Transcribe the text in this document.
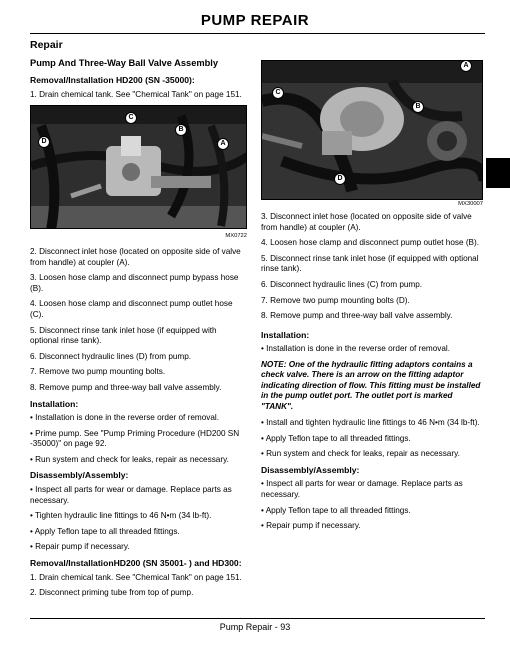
PUMP REPAIR
Repair
Pump And Three-Way Ball Valve Assembly
Removal/Installation HD200 (SN -35000):
1. Drain chemical tank. See "Chemical Tank" on page 151.
C
B
D	A
MX0722
2. Disconnect inlet hose (located on opposite side of valve from handle) at coupler (A).
3. Loosen hose clamp and disconnect pump bypass hose (B).
4. Loosen hose clamp and disconnect pump outlet hose (C).
5. Disconnect rinse tank inlet hose (if equipped with optional rinse tank).
6. Disconnect hydraulic lines (D) from pump.
7. Remove two pump mounting bolts.
8. Remove pump and three-way ball valve assembly.
Installation:
• Installation is done in the reverse order of removal.
• Prime pump. See "Pump Priming Procedure (HD200 SN -35000)" on page 92.
• Run system and check for leaks, repair as necessary.
Disassembly/Assembly:
• Inspect all parts for wear or damage. Replace parts as necessary.
• Tighten hydraulic line fittings to 46 N•m (34 lb-ft).
• Apply Teflon tape to all threaded fittings.
• Repair pump if necessary.
Removal/InstallationHD200 (SN 35001- ) and HD300:
1. Drain chemical tank. See "Chemical Tank" on page 151.
2. Disconnect priming tube from top of pump.
A
C
B
D
MX30007
3. Disconnect inlet hose (located on opposite side of valve from handle) at coupler (A).
4. Loosen hose clamp and disconnect pump outlet hose (B).
5. Disconnect rinse tank inlet hose (if equipped with optional rinse tank).
6. Disconnect hydraulic lines (C) from pump.
7. Remove two pump mounting bolts (D).
8. Remove pump and three-way ball valve assembly.
Installation:
• Installation is done in the reverse order of removal.
NOTE: One of the hydraulic fitting adaptors contains a check valve. There is an arrow on the fitting adaptor indicating direction of flow. This fitting must be installed in the pump outlet port. The outlet port is marked "TANK".
• Install and tighten hydraulic line fittings to 46 N•m (34 lb-ft).
• Apply Teflon tape to all threaded fittings.
• Run system and check for leaks, repair as necessary.
Disassembly/Assembly:
• Inspect all parts for wear or damage. Replace parts as necessary.
• Apply Teflon tape to all threaded fittings.
• Repair pump if necessary.
Pump Repair - 93
